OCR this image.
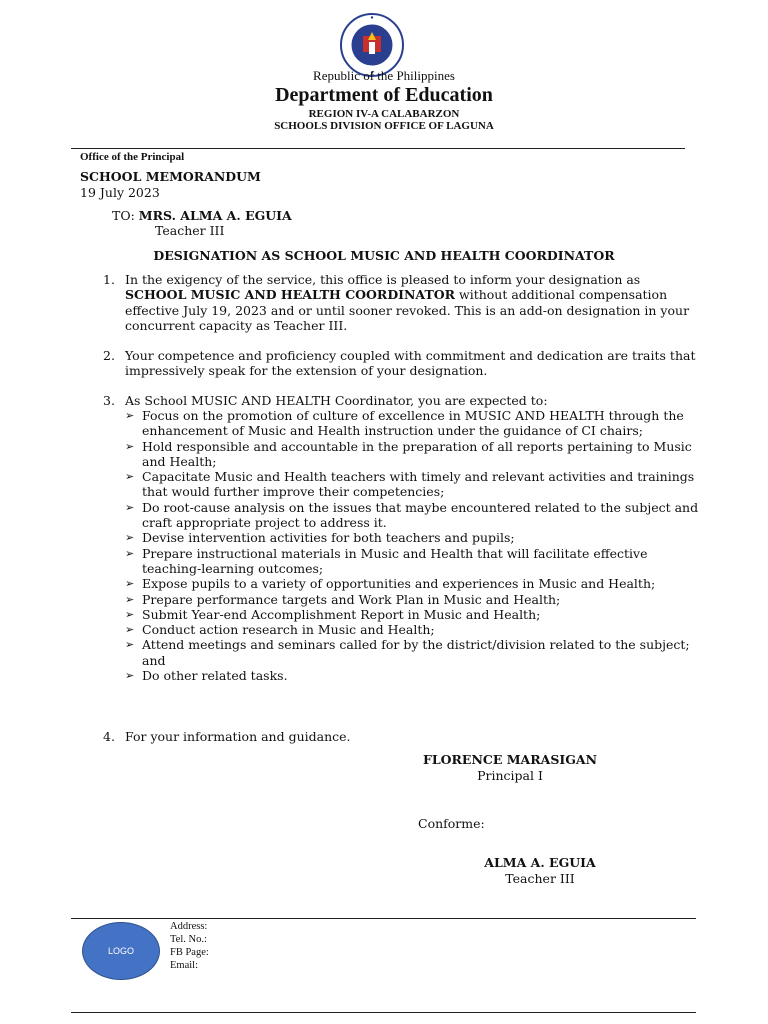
Republic of the Philippines
Department of Education
REGION IV-A CALABARZON
SCHOOLS DIVISION OFFICE OF LAGUNA
Office of the Principal
SCHOOL MEMORANDUM
19 July 2023
TO: MRS. ALMA A. EGUIA
Teacher III
DESIGNATION AS SCHOOL MUSIC AND HEALTH COORDINATOR
1. In the exigency of the service, this office is pleased to inform your designation as SCHOOL MUSIC AND HEALTH COORDINATOR without additional compensation effective July 19, 2023 and or until sooner revoked. This is an add-on designation in your concurrent capacity as Teacher III.
2. Your competence and proficiency coupled with commitment and dedication are traits that impressively speak for the extension of your designation.
3. As School MUSIC AND HEALTH Coordinator, you are expected to:
➢ Focus on the promotion of culture of excellence in MUSIC AND HEALTH through the enhancement of Music and Health instruction under the guidance of CI chairs;
➢ Hold responsible and accountable in the preparation of all reports pertaining to Music and Health;
➢ Capacitate Music and Health teachers with timely and relevant activities and trainings that would further improve their competencies;
➢ Do root-cause analysis on the issues that maybe encountered related to the subject and craft appropriate project to address it.
➢ Devise intervention activities for both teachers and pupils;
➢ Prepare instructional materials in Music and Health that will facilitate effective teaching-learning outcomes;
➢ Expose pupils to a variety of opportunities and experiences in Music and Health;
➢ Prepare performance targets and Work Plan in Music and Health;
➢ Submit Year-end Accomplishment Report in Music and Health;
➢ Conduct action research in Music and Health;
➢ Attend meetings and seminars called for by the district/division related to the subject; and
➢ Do other related tasks.
4. For your information and guidance.
FLORENCE MARASIGAN
Principal I
Conforme:
ALMA A. EGUIA
Teacher III
LOGO
Address:
Tel. No.:
FB Page:
Email:
